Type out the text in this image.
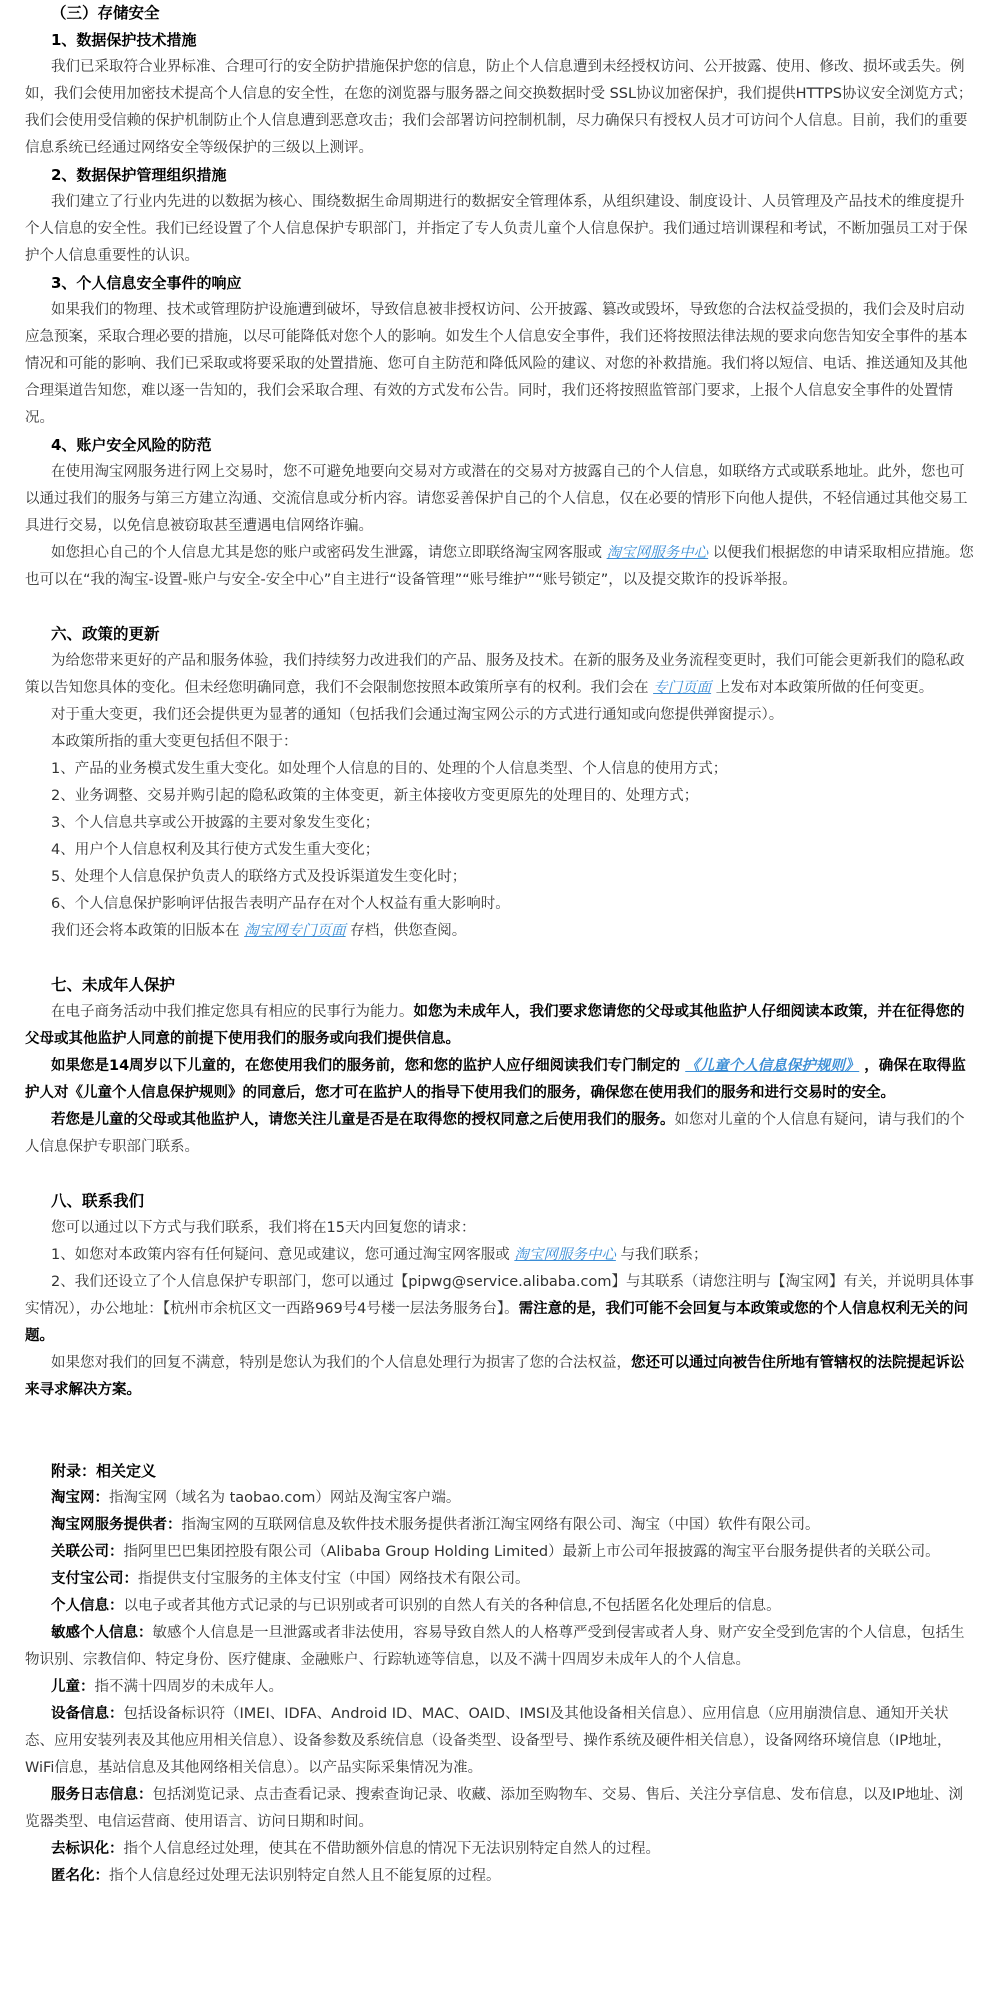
（三）存储安全
1、数据保护技术措施

我们已采取符合业界标准、合理可行的安全防护措施保护您的信息，防止个人信息遭到未经授权访问、公开披露、使用、修改、损坏或丢失。例如，我们会使用加密技术提高个人信息的安全性，在您的浏览器与服务器之间交换数据时受 SSL协议加密保护，我们提供HTTPS协议安全浏览方式；我们会使用受信赖的保护机制防止个人信息遭到恶意攻击；我们会部署访问控制机制，尽力确保只有授权人员才可访问个人信息。目前，我们的重要信息系统已经通过网络安全等级保护的三级以上测评。

2、数据保护管理组织措施

我们建立了行业内先进的以数据为核心、围绕数据生命周期进行的数据安全管理体系，从组织建设、制度设计、人员管理及产品技术的维度提升个人信息的安全性。我们已经设置了个人信息保护专职部门，并指定了专人负责儿童个人信息保护。我们通过培训课程和考试，不断加强员工对于保护个人信息重要性的认识。

3、个人信息安全事件的响应

如果我们的物理、技术或管理防护设施遭到破坏，导致信息被非授权访问、公开披露、篡改或毁坏，导致您的合法权益受损的，我们会及时启动应急预案，采取合理必要的措施，以尽可能降低对您个人的影响。如发生个人信息安全事件，我们还将按照法律法规的要求向您告知安全事件的基本情况和可能的影响、我们已采取或将要采取的处置措施、您可自主防范和降低风险的建议、对您的补救措施。我们将以短信、电话、推送通知及其他合理渠道告知您，难以逐一告知的，我们会采取合理、有效的方式发布公告。同时，我们还将按照监管部门要求，上报个人信息安全事件的处置情况。

4、账户安全风险的防范

在使用淘宝网服务进行网上交易时，您不可避免地要向交易对方或潜在的交易对方披露自己的个人信息，如联络方式或联系地址。此外，您也可以通过我们的服务与第三方建立沟通、交流信息或分析内容。请您妥善保护自己的个人信息，仅在必要的情形下向他人提供，不轻信通过其他交易工具进行交易，以免信息被窃取甚至遭遇电信网络诈骗。

如您担心自己的个人信息尤其是您的账户或密码发生泄露，请您立即联络淘宝网客服或 淘宝网服务中心 以便我们根据您的申请采取相应措施。您也可以在“我的淘宝-设置-账户与安全-安全中心”自主进行“设备管理”“账号维护”“账号锁定”，以及提交欺诈的投诉举报。

六、政策的更新

为给您带来更好的产品和服务体验，我们持续努力改进我们的产品、服务及技术。在新的服务及业务流程变更时，我们可能会更新我们的隐私政策以告知您具体的变化。但未经您明确同意，我们不会限制您按照本政策所享有的权利。我们会在 专门页面 上发布对本政策所做的任何变更。

对于重大变更，我们还会提供更为显著的通知（包括我们会通过淘宝网公示的方式进行通知或向您提供弹窗提示）。

本政策所指的重大变更包括但不限于：

1、产品的业务模式发生重大变化。如处理个人信息的目的、处理的个人信息类型、个人信息的使用方式；

2、业务调整、交易并购引起的隐私政策的主体变更，新主体接收方变更原先的处理目的、处理方式；

3、个人信息共享或公开披露的主要对象发生变化；

4、用户个人信息权利及其行使方式发生重大变化；

5、处理个人信息保护负责人的联络方式及投诉渠道发生变化时；

6、个人信息保护影响评估报告表明产品存在对个人权益有重大影响时。

我们还会将本政策的旧版本在 淘宝网专门页面 存档，供您查阅。

七、未成年人保护

在电子商务活动中我们推定您具有相应的民事行为能力。如您为未成年人，我们要求您请您的父母或其他监护人仔细阅读本政策，并在征得您的父母或其他监护人同意的前提下使用我们的服务或向我们提供信息。

如果您是14周岁以下儿童的，在您使用我们的服务前，您和您的监护人应仔细阅读我们专门制定的 《儿童个人信息保护规则》 ，确保在取得监护人对《儿童个人信息保护规则》的同意后，您才可在监护人的指导下使用我们的服务，确保您在使用我们的服务和进行交易时的安全。

若您是儿童的父母或其他监护人，请您关注儿童是否是在取得您的授权同意之后使用我们的服务。如您对儿童的个人信息有疑问，请与我们的个人信息保护专职部门联系。

八、联系我们

您可以通过以下方式与我们联系，我们将在15天内回复您的请求：

1、如您对本政策内容有任何疑问、意见或建议，您可通过淘宝网客服或 淘宝网服务中心 与我们联系；

2、我们还设立了个人信息保护专职部门，您可以通过【pipwg@service.alibaba.com】与其联系（请您注明与【淘宝网】有关，并说明具体事实情况），办公地址：【杭州市余杭区文一西路969号4号楼一层法务服务台】。需注意的是，我们可能不会回复与本政策或您的个人信息权利无关的问题。

如果您对我们的回复不满意，特别是您认为我们的个人信息处理行为损害了您的合法权益，您还可以通过向被告住所地有管辖权的法院提起诉讼来寻求解决方案。

附录：相关定义

淘宝网：指淘宝网（域名为 taobao.com）网站及淘宝客户端。

淘宝网服务提供者：指淘宝网的互联网信息及软件技术服务提供者浙江淘宝网络有限公司、淘宝（中国）软件有限公司。

关联公司：指阿里巴巴集团控股有限公司（Alibaba Group Holding Limited）最新上市公司年报披露的淘宝平台服务提供者的关联公司。

支付宝公司：指提供支付宝服务的主体支付宝（中国）网络技术有限公司。

个人信息：以电子或者其他方式记录的与已识别或者可识别的自然人有关的各种信息,不包括匿名化处理后的信息。

敏感个人信息：敏感个人信息是一旦泄露或者非法使用，容易导致自然人的人格尊严受到侵害或者人身、财产安全受到危害的个人信息，包括生物识别、宗教信仰、特定身份、医疗健康、金融账户、行踪轨迹等信息，以及不满十四周岁未成年人的个人信息。

儿童：指不满十四周岁的未成年人。

设备信息：包括设备标识符（IMEI、IDFA、Android ID、MAC、OAID、IMSI及其他设备相关信息）、应用信息（应用崩溃信息、通知开关状态、应用安装列表及其他应用相关信息）、设备参数及系统信息（设备类型、设备型号、操作系统及硬件相关信息），设备网络环境信息（IP地址，WiFi信息，基站信息及其他网络相关信息）。以产品实际采集情况为准。

服务日志信息：包括浏览记录、点击查看记录、搜索查询记录、收藏、添加至购物车、交易、售后、关注分享信息、发布信息，以及IP地址、浏览器类型、电信运营商、使用语言、访问日期和时间。

去标识化：指个人信息经过处理，使其在不借助额外信息的情况下无法识别特定自然人的过程。

匿名化：指个人信息经过处理无法识别特定自然人且不能复原的过程。
